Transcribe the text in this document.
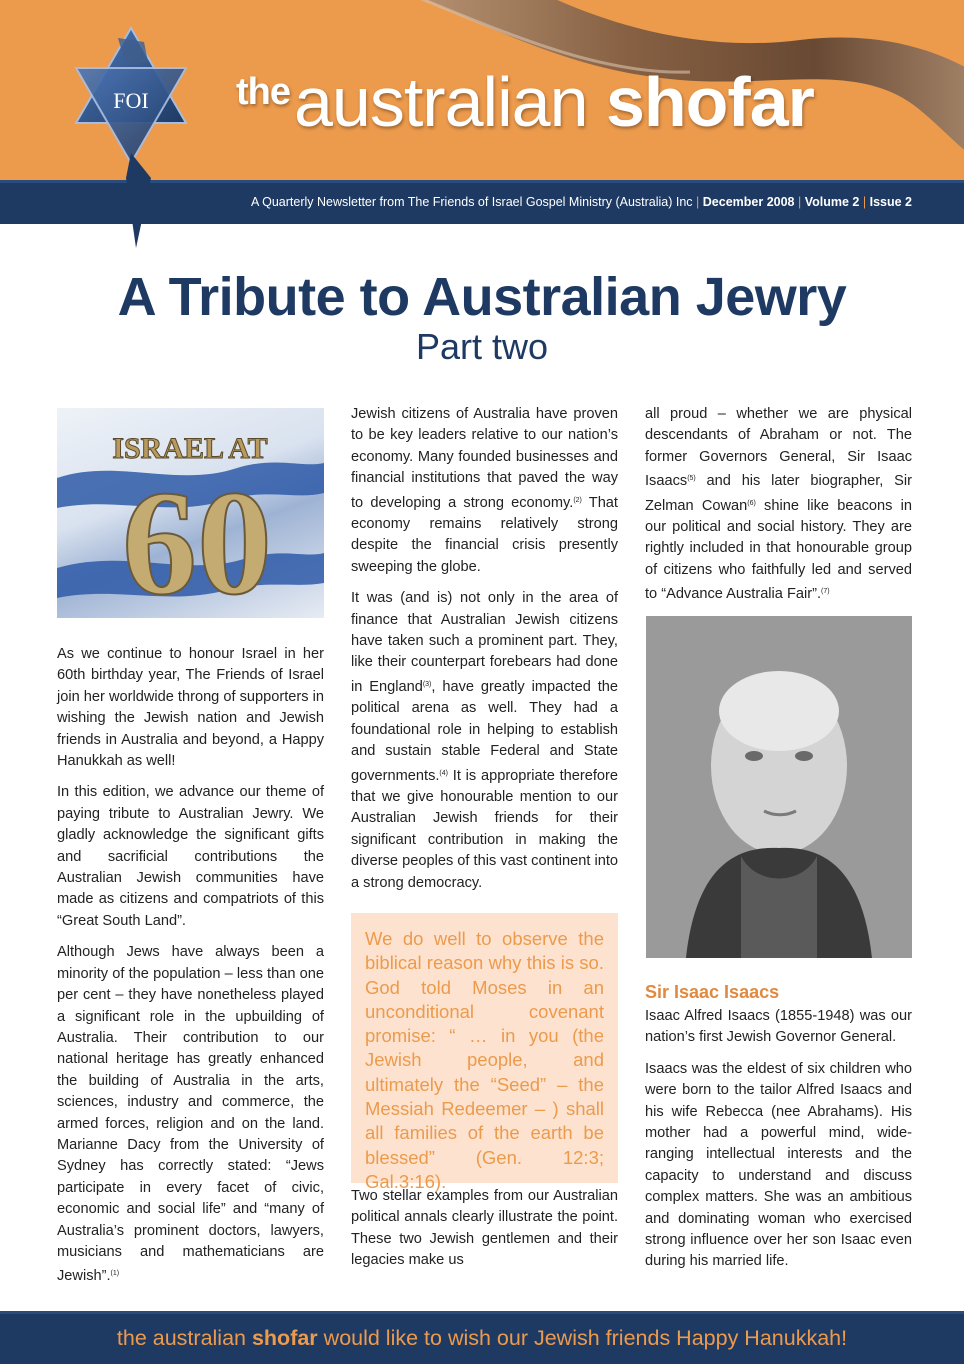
$^{the}$australian shofar
A Quarterly Newsletter from The Friends of Israel Gospel Ministry (Australia) Inc | December 2008 | Volume 2 | Issue 2
FOI
A Tribute to Australian Jewry
Part two
ISRAEL AT
60

As we continue to honour Israel in her 60th birthday year, The Friends of Israel join her worldwide throng of supporters in wishing the Jewish nation and Jewish friends in Australia and beyond, a Happy Hanukkah as well!

In this edition, we advance our theme of paying tribute to Australian Jewry. We gladly acknowledge the significant gifts and sacrificial contributions the Australian Jewish communities have made as citizens and compatriots of this “Great South Land”.

Although Jews have always been a minority of the population – less than one per cent – they have nonetheless played a significant role in the upbuilding of Australia. Their contribution to our national heritage has greatly enhanced the building of Australia in the arts, sciences, industry and commerce, the armed forces, religion and on the land. Marianne Dacy from the University of Sydney has correctly stated: “Jews participate in every facet of civic, economic and social life” and “many of Australia’s prominent doctors, lawyers, musicians and mathematicians are Jewish”.$^{(1)}$

Jewish citizens of Australia have proven to be key leaders relative to our nation’s economy. Many founded businesses and financial institutions that paved the way to developing a strong economy.$^{(2)}$ That economy remains relatively strong despite the financial crisis presently sweeping the globe.

It was (and is) not only in the area of finance that Australian Jewish citizens have taken such a prominent part. They, like their counterpart forebears had done in England$^{(3)}$, have greatly impacted the political arena as well. They had a foundational role in helping to establish and sustain stable Federal and State governments.$^{(4)}$ It is appropriate therefore that we give honourable mention to our Australian Jewish friends for their significant contribution in making the diverse peoples of this vast continent into a strong democracy.

We do well to observe the biblical reason why this is so. God told Moses in an unconditional covenant promise: “ … in you (the Jewish people, and ultimately the “Seed” – the Messiah Redeemer – ) shall all families of the earth be blessed” (Gen. 12:3; Gal.3:16).

Two stellar examples from our Australian political annals clearly illustrate the point. These two Jewish gentlemen and their legacies make us

all proud – whether we are physical descendants of Abraham or not. The former Governors General, Sir Isaac Isaacs$^{(5)}$ and his later biographer, Sir Zelman Cowan$^{(6)}$ shine like beacons in our political and social history. They are rightly included in that honourable group of citizens who faithfully led and served to “Advance Australia Fair”.$^{(7)}$

Sir Isaac Isaacs

Isaac Alfred Isaacs (1855-1948) was our nation’s first Jewish Governor General.

Isaacs was the eldest of six children who were born to the tailor Alfred Isaacs and his wife Rebecca (nee Abrahams). His mother had a powerful mind, wide-ranging intellectual interests and the capacity to understand and discuss complex matters. She was an ambitious and dominating woman who exercised strong influence over her son Isaac even during his married life.

the australian shofar would like to wish our Jewish friends Happy Hanukkah!
